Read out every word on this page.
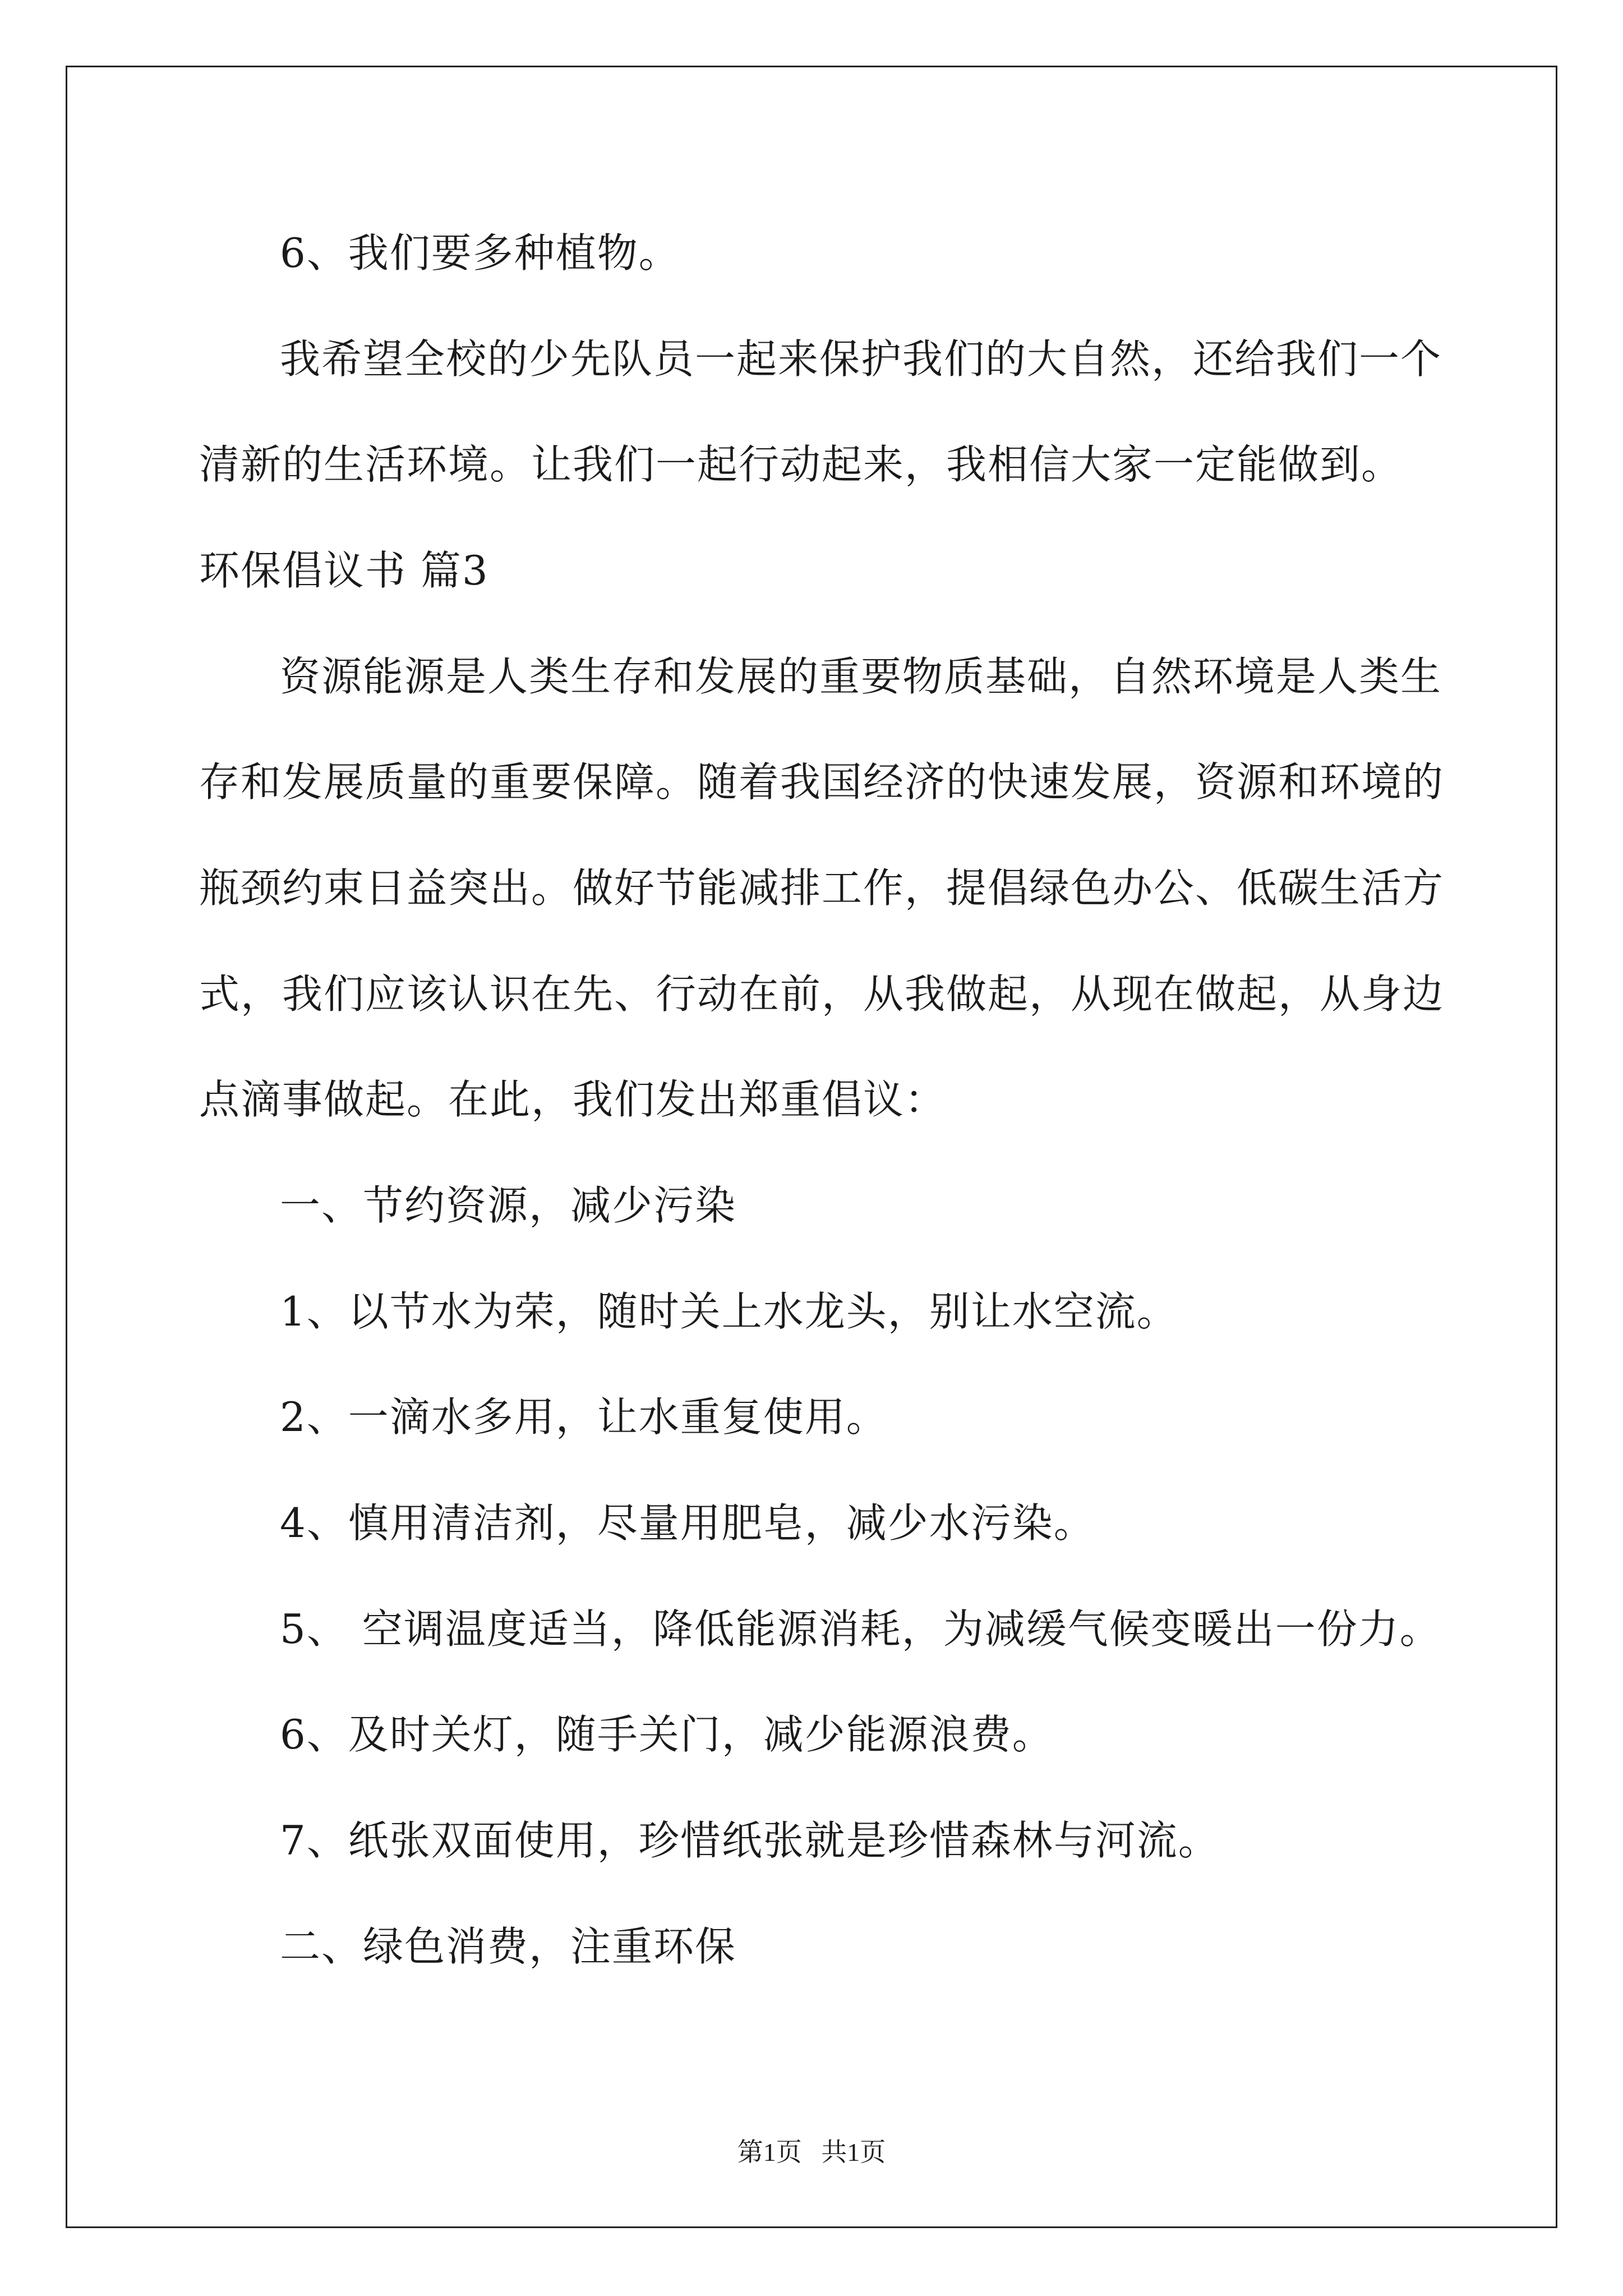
6、我们要多种植物。
我希望全校的少先队员一起来保护我们的大自然，还给我们一个
清新的生活环境。让我们一起行动起来，我相信大家一定能做到。
环保倡议书 篇3
资源能源是人类生存和发展的重要物质基础，自然环境是人类生
存和发展质量的重要保障。随着我国经济的快速发展，资源和环境的
瓶颈约束日益突出。做好节能减排工作，提倡绿色办公、低碳生活方
式，我们应该认识在先、行动在前，从我做起，从现在做起，从身边
点滴事做起。在此，我们发出郑重倡议：
一、节约资源，减少污染
1、以节水为荣，随时关上水龙头，别让水空流。
2、一滴水多用，让水重复使用。
4、慎用清洁剂，尽量用肥皂，减少水污染。
5、 空调温度适当，降低能源消耗，为减缓气候变暖出一份力。
6、及时关灯，随手关门，减少能源浪费。
7、纸张双面使用，珍惜纸张就是珍惜森林与河流。
二、绿色消费，注重环保
第1页   共1页
